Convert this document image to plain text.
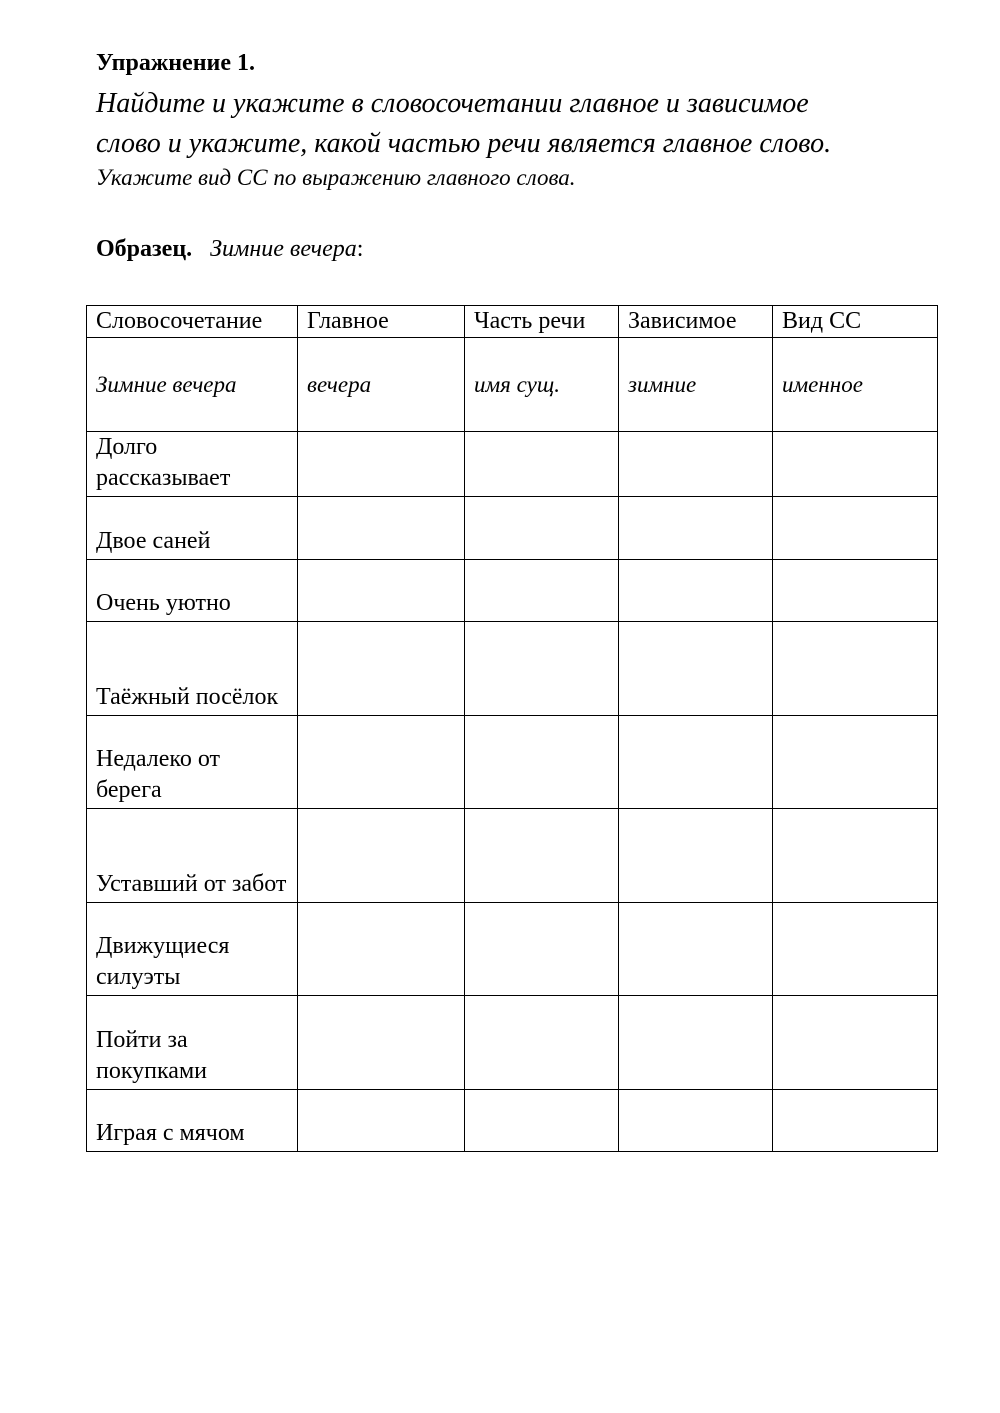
Упражнение 1.
Найдите и укажите в словосочетании главное и зависимое
слово и укажите, какой частью речи является главное слово.
Укажите вид СС по выражению главного слова.
Образец. Зимние вечера:
Словосочетание	Главное	Часть речи	Зависимое	Вид СС
Зимние вечера	вечера	имя сущ.	зимние	именное
Долго рассказывает				
Двое саней				
Очень уютно				
Таёжный посёлок				
Недалеко от берега				
Уставший от забот				
Движущиеся силуэты				
Пойти за покупками				
Играя с мячом				
